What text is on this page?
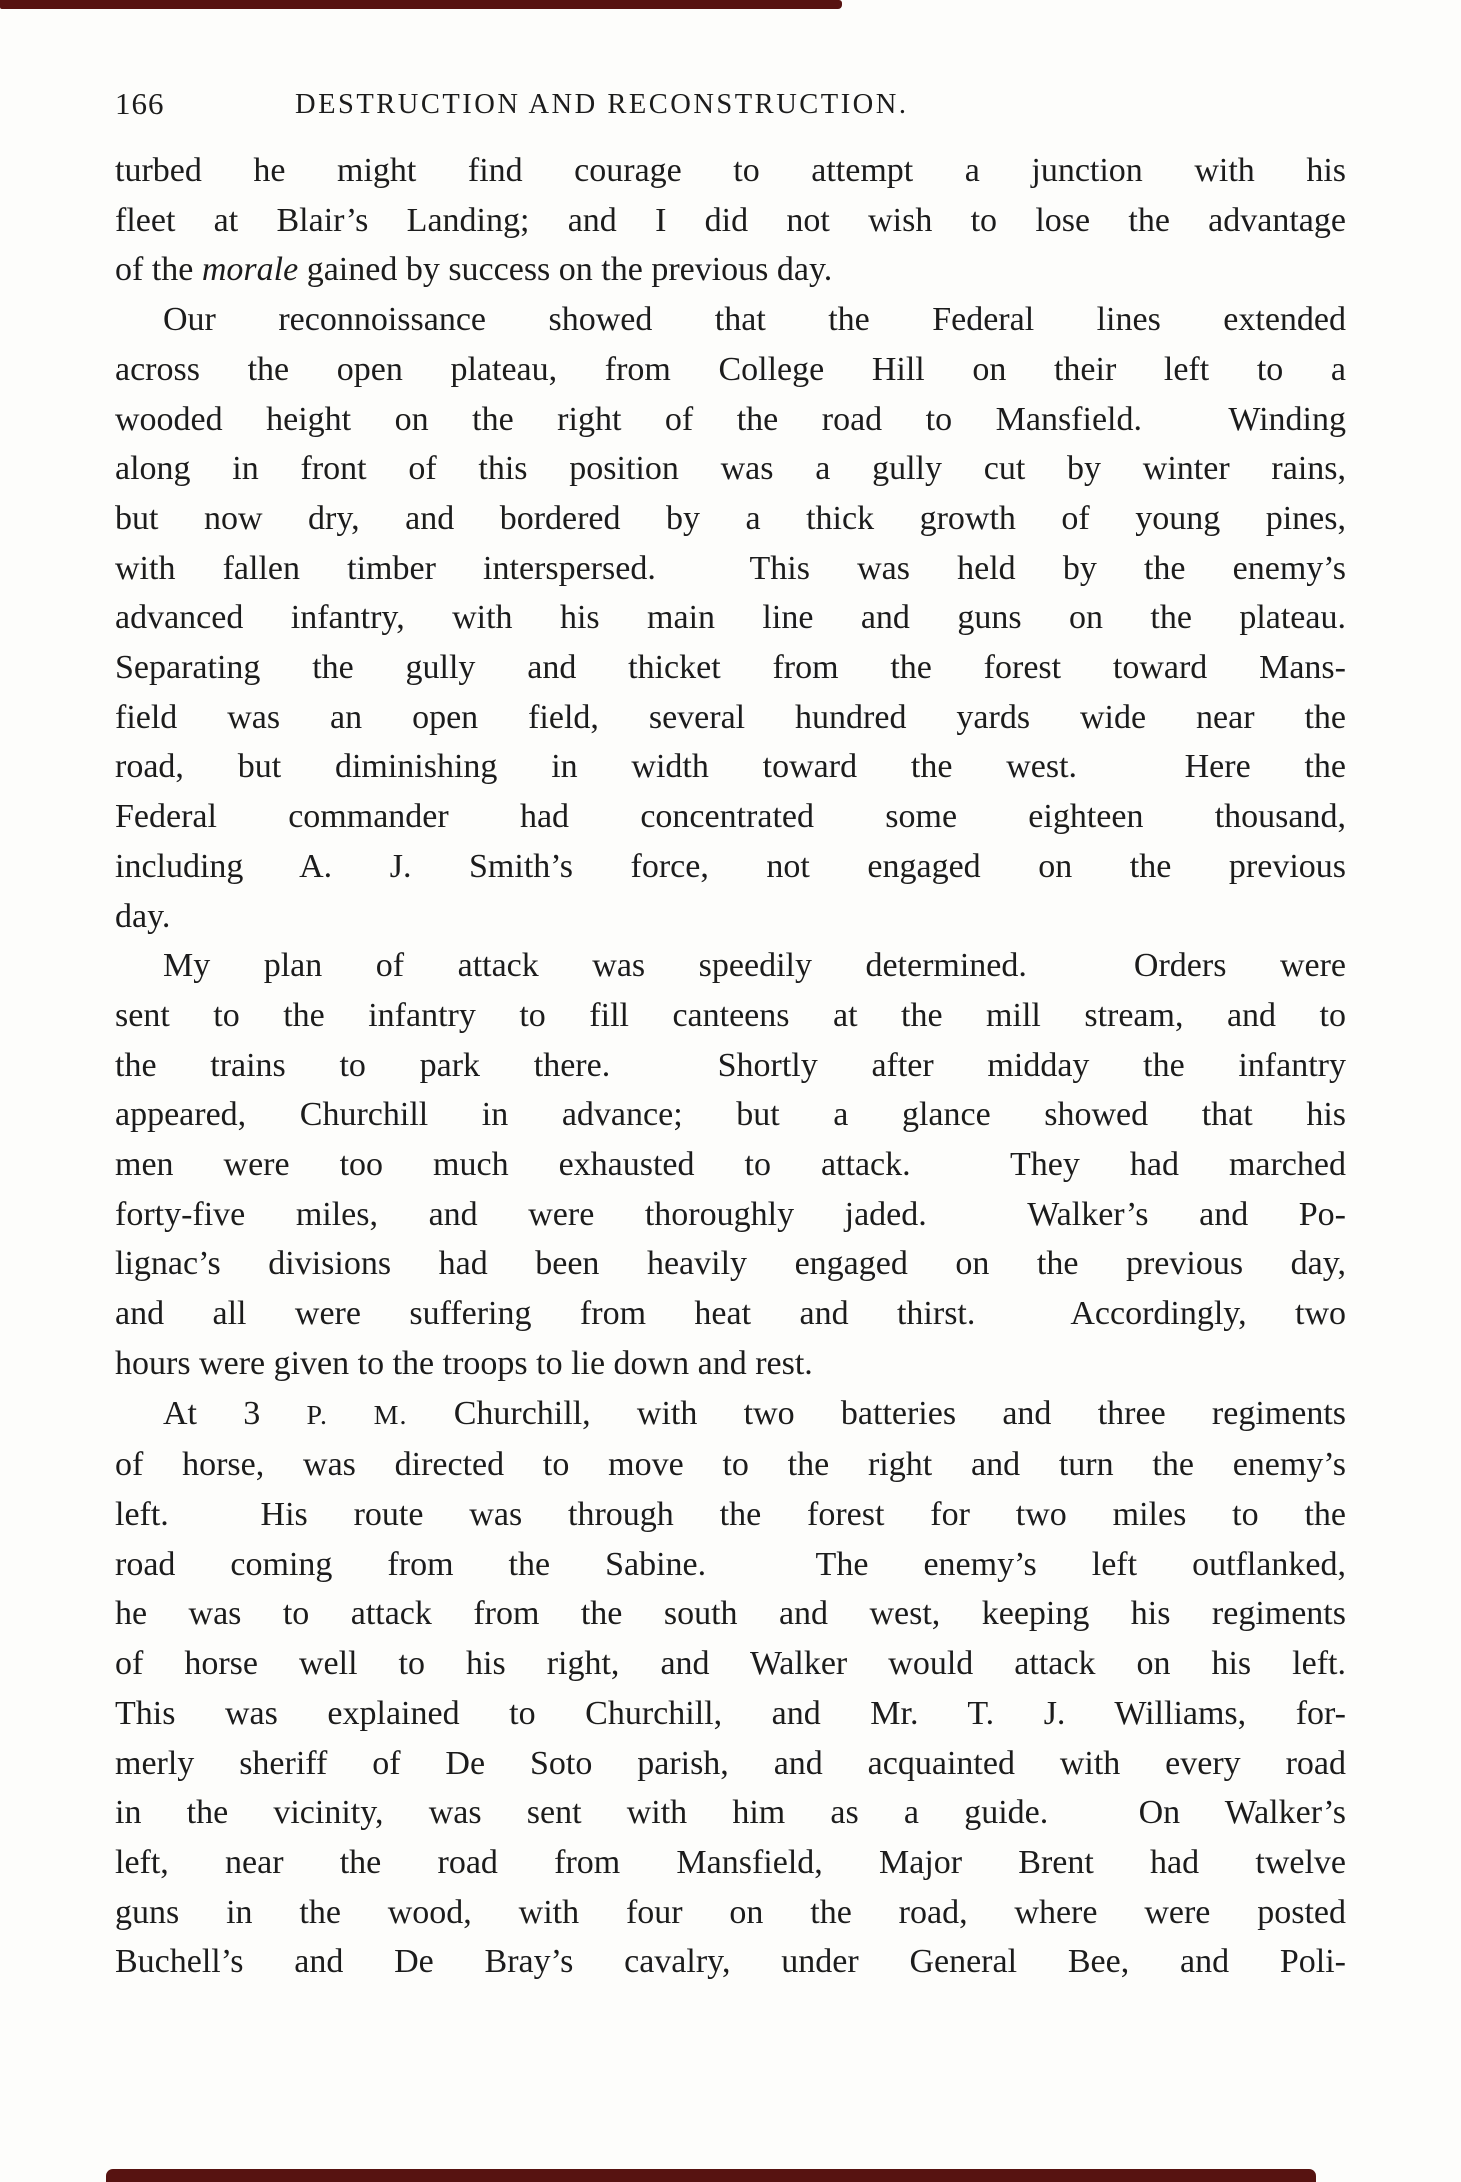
166	DESTRUCTION AND RECONSTRUCTION.
turbed he might find courage to attempt a junction with his
fleet at Blair’s Landing; and I did not wish to lose the advantage
of the morale gained by success on the previous day.
Our reconnoissance showed that the Federal lines extended
across the open plateau, from College Hill on their left to a
wooded height on the right of the road to Mansfield.  Winding
along in front of this position was a gully cut by winter rains,
but now dry, and bordered by a thick growth of young pines,
with fallen timber interspersed.  This was held by the enemy’s
advanced infantry, with his main line and guns on the plateau.
Separating the gully and thicket from the forest toward Mans-
field was an open field, several hundred yards wide near the
road, but diminishing in width toward the west.  Here the
Federal commander had concentrated some eighteen thousand,
including A. J. Smith’s force, not engaged on the previous
day.
My plan of attack was speedily determined.  Orders were
sent to the infantry to fill canteens at the mill stream, and to
the trains to park there.  Shortly after midday the infantry
appeared, Churchill in advance; but a glance showed that his
men were too much exhausted to attack.  They had marched
forty-five miles, and were thoroughly jaded.  Walker’s and Po-
lignac’s divisions had been heavily engaged on the previous day,
and all were suffering from heat and thirst.  Accordingly, two
hours were given to the troops to lie down and rest.
At 3 P. M. Churchill, with two batteries and three regiments
of horse, was directed to move to the right and turn the enemy’s
left.  His route was through the forest for two miles to the
road coming from the Sabine.  The enemy’s left outflanked,
he was to attack from the south and west, keeping his regiments
of horse well to his right, and Walker would attack on his left.
This was explained to Churchill, and Mr. T. J. Williams, for-
merly sheriff of De Soto parish, and acquainted with every road
in the vicinity, was sent with him as a guide.  On Walker’s
left, near the road from Mansfield, Major Brent had twelve
guns in the wood, with four on the road, where were posted
Buchell’s and De Bray’s cavalry, under General Bee, and Poli-
